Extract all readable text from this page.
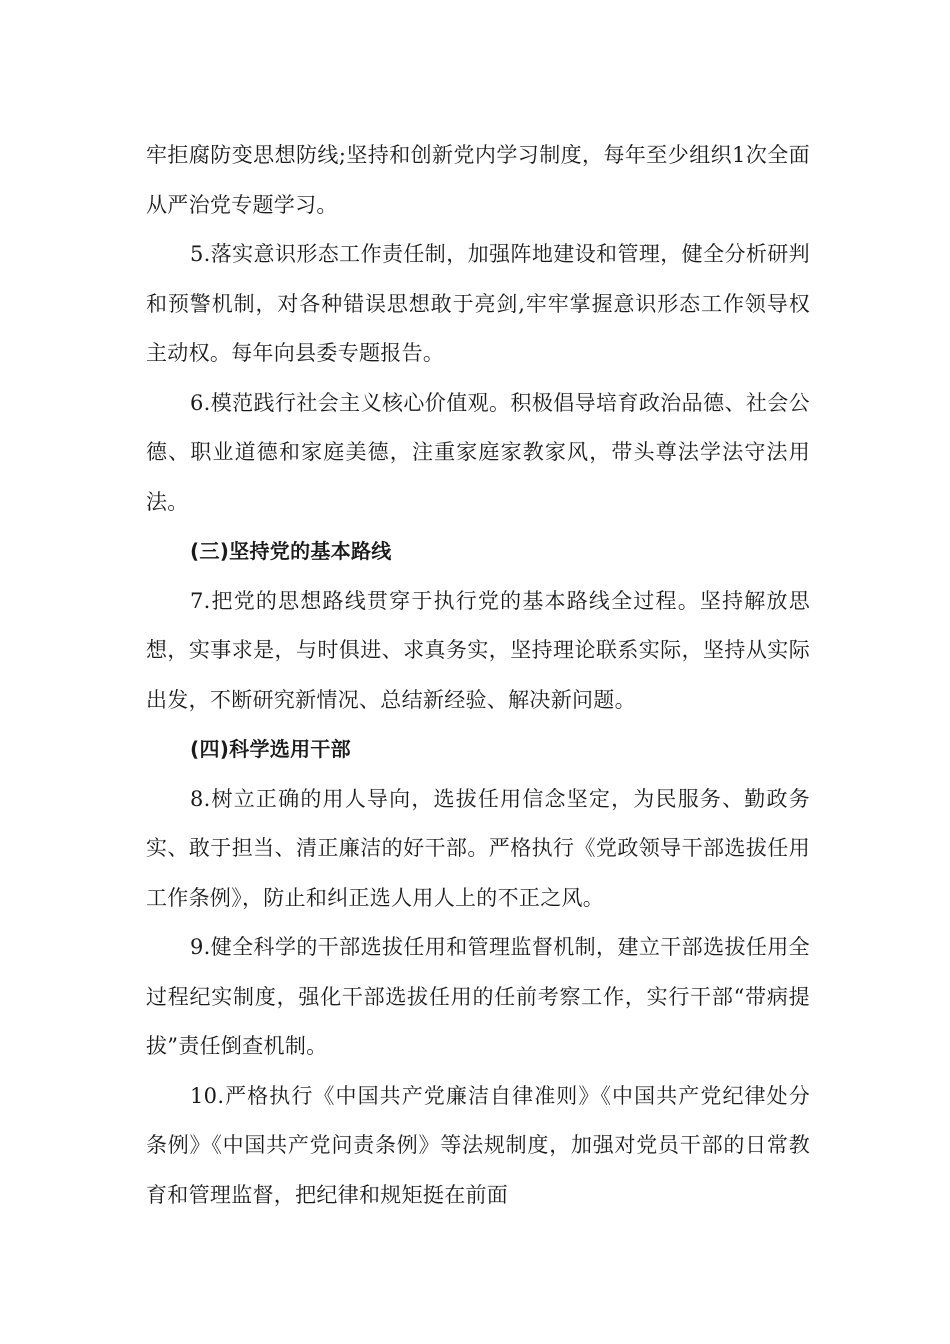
牢拒腐防变思想防线;坚持和创新党内学习制度，每年至少组织1次全面从严治党专题学习。

5.落实意识形态工作责任制，加强阵地建设和管理，健全分析研判和预警机制，对各种错误思想敢于亮剑,牢牢掌握意识形态工作领导权主动权。每年向县委专题报告。

6.模范践行社会主义核心价值观。积极倡导培育政治品德、社会公德、职业道德和家庭美德，注重家庭家教家风，带头尊法学法守法用法。

(三)坚持党的基本路线

7.把党的思想路线贯穿于执行党的基本路线全过程。坚持解放思想，实事求是，与时俱进、求真务实，坚持理论联系实际，坚持从实际出发，不断研究新情况、总结新经验、解决新问题。

(四)科学选用干部

8.树立正确的用人导向，选拔任用信念坚定，为民服务、勤政务实、敢于担当、清正廉洁的好干部。严格执行《党政领导干部选拔任用工作条例》，防止和纠正选人用人上的不正之风。

9.健全科学的干部选拔任用和管理监督机制，建立干部选拔任用全过程纪实制度，强化干部选拔任用的任前考察工作，实行干部“带病提拔”责任倒查机制。

10.严格执行《中国共产党廉洁自律准则》《中国共产党纪律处分条例》《中国共产党问责条例》等法规制度，加强对党员干部的日常教育和管理监督，把纪律和规矩挺在前面
